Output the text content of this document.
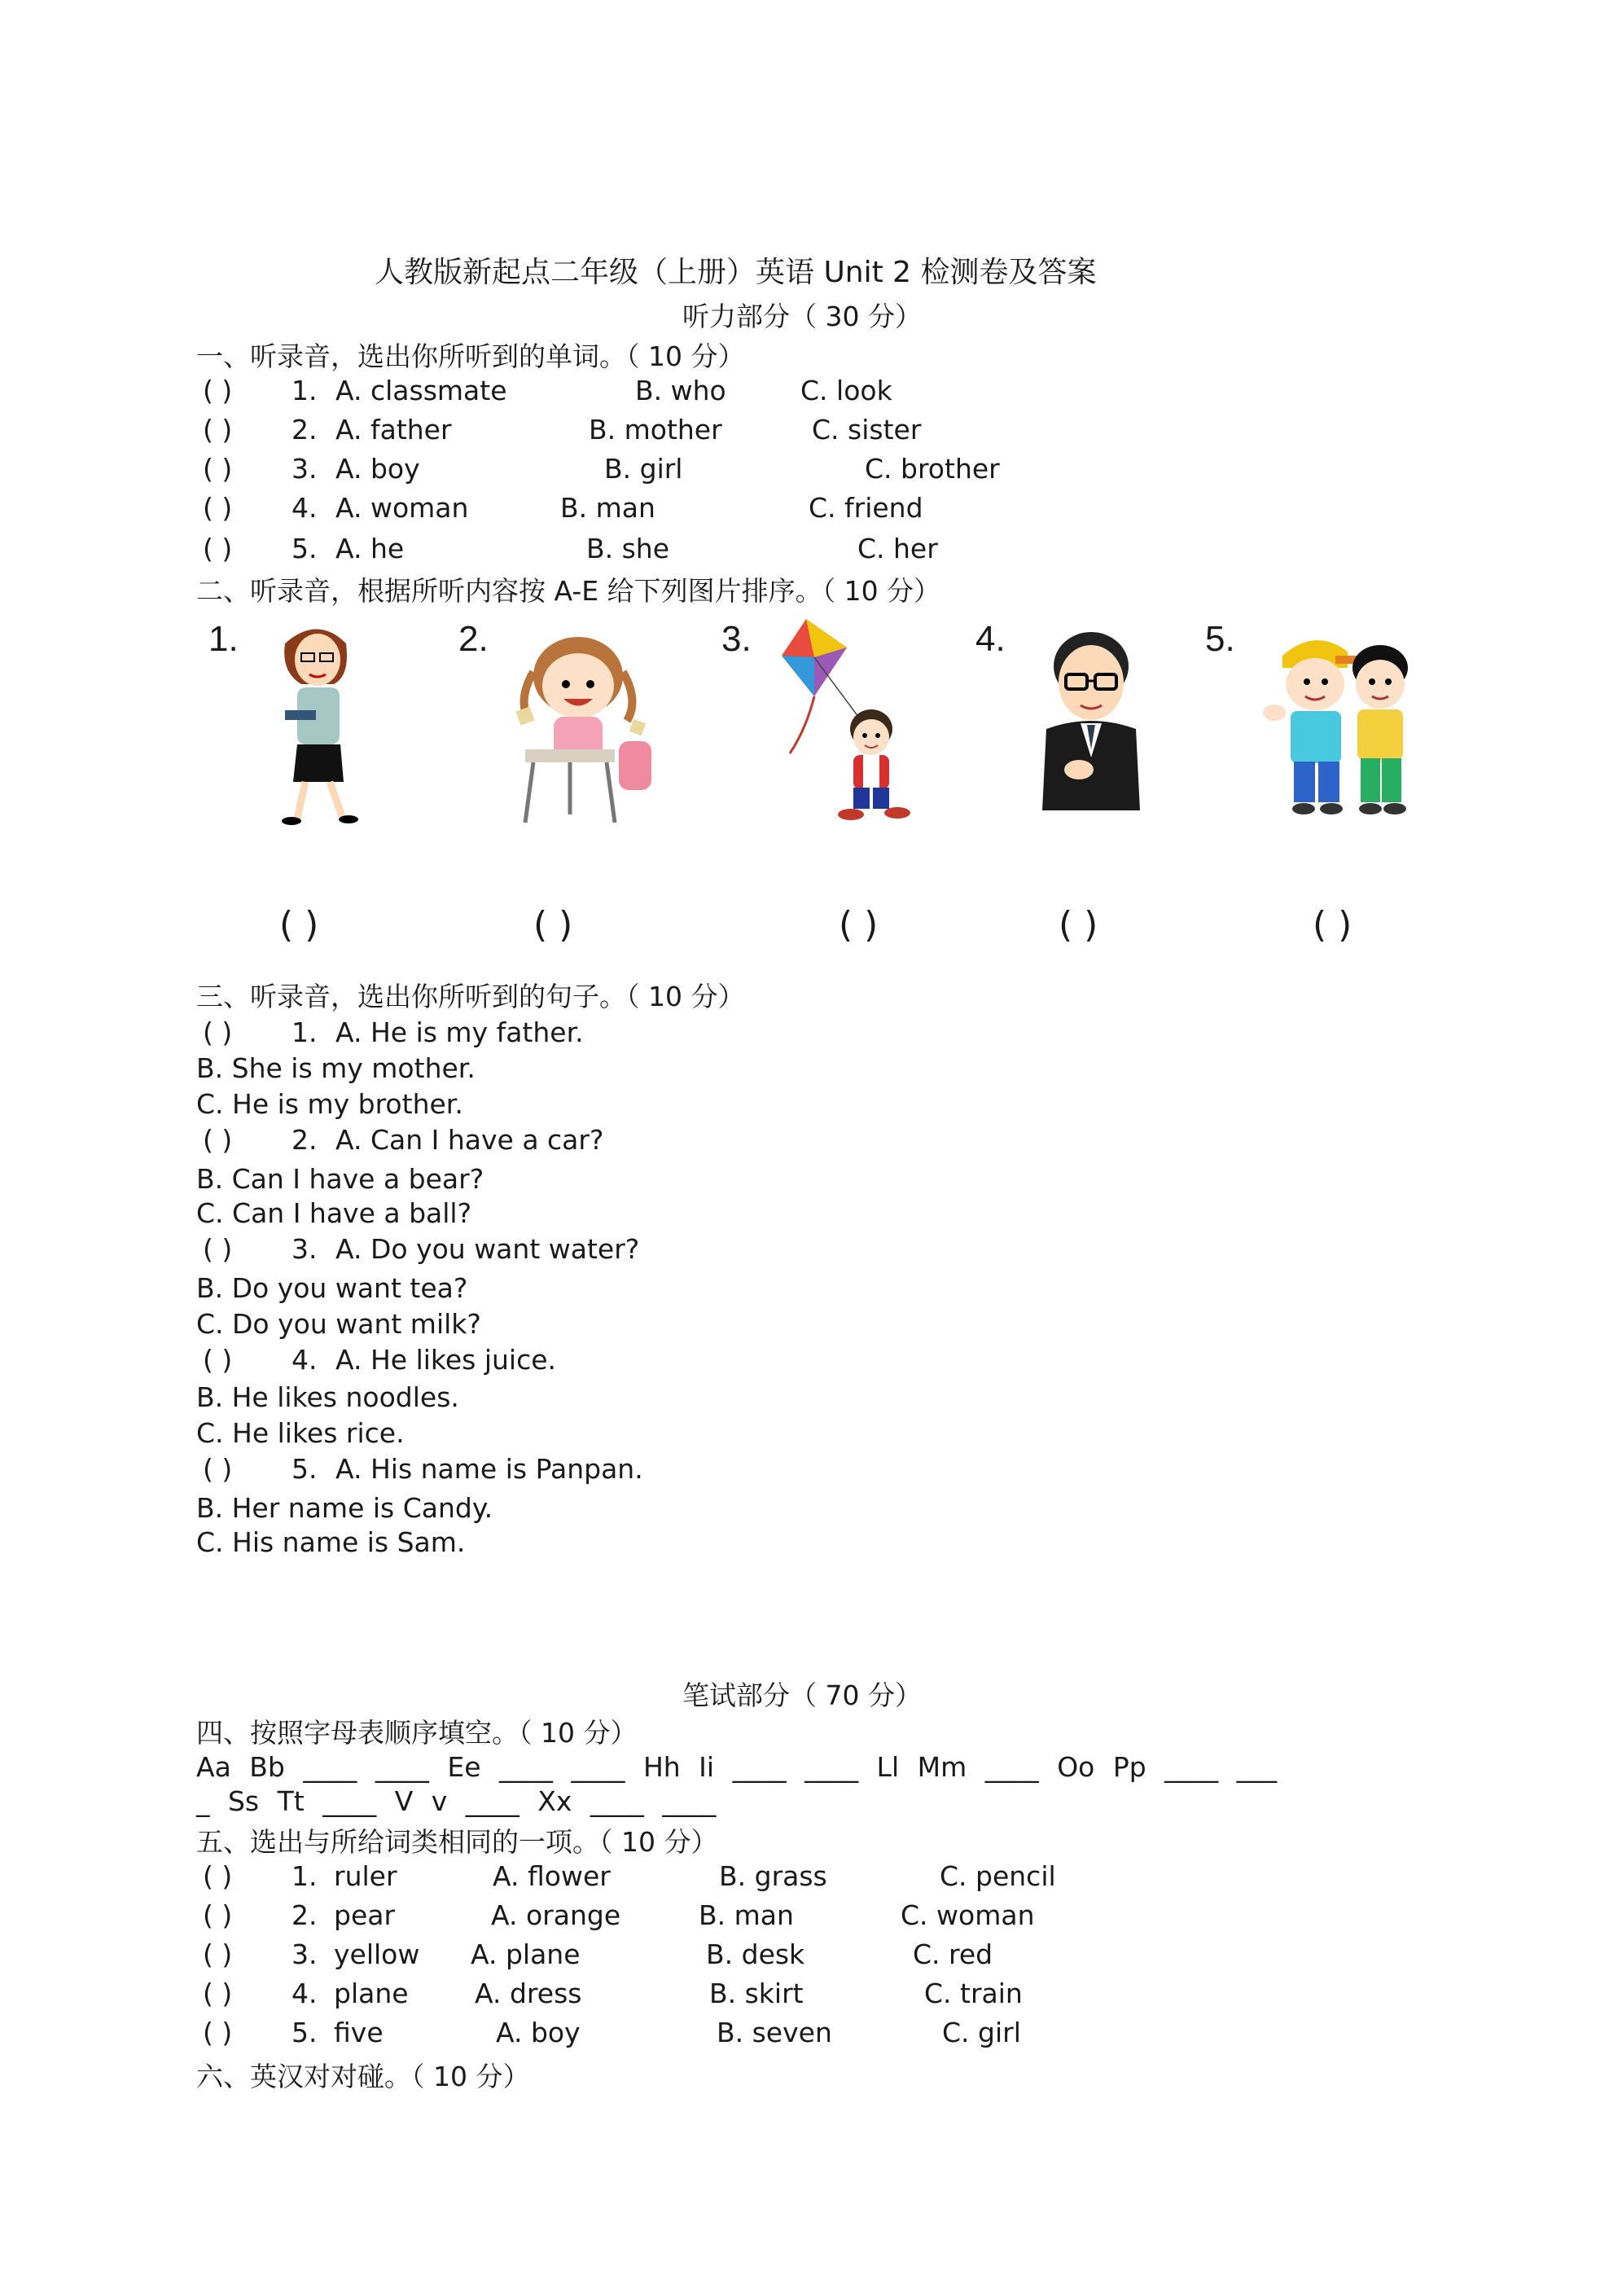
人教版新起点二年级（上册）英语 Unit 2 检测卷及答案
听力部分（ 30 分）
一、听录音，选出你所听到的单词。（ 10 分）
( ) 1. A. classmate	B. who	C. look
( ) 2. A. father	B. mother	C. sister
( ) 3. A. boy	B. girl	C. brother
( ) 4. A. woman	B. man	C. friend
( ) 5. A. he	B. she	C. her
二、听录音，根据所听内容按 A-E 给下列图片排序。（ 10 分）
1.
( )
2.
( )
3.
( )
4.
( )
5.
( )
三、听录音，选出你所听到的句子。（ 10 分）
( ) 1. A. He is my father.
B. She is my mother.
C. He is my brother.
( ) 2. A. Can I have a car?
B. Can I have a bear?
C. Can I have a ball?
( ) 3. A. Do you want water?
B. Do you want tea?
C. Do you want milk?
( ) 4. A. He likes juice.
B. He likes noodles.
C. He likes rice.
( ) 5. A. His name is Panpan.
B. Her name is Candy.
C. His name is Sam.
笔试部分（ 70 分）
四、按照字母表顺序填空。（ 10 分）
Aa Bb ____ ____ Ee ____ ____ Hh Ii ____ ____ Ll Mm ____ Oo Pp ____ ___
_ Ss Tt ____ V v ____ Xx ____ ____
五、选出与所给词类相同的一项。（ 10 分）
( ) 1. ruler	A. flower	B. grass	C. pencil
( ) 2. pear	A. orange	B. man	C. woman
( ) 3. yellow A. plane	B. desk	C. red
( ) 4. plane A. dress	B. skirt	C. train
( ) 5. five	A. boy	B. seven	C. girl
六、英汉对对碰。（ 10 分）
